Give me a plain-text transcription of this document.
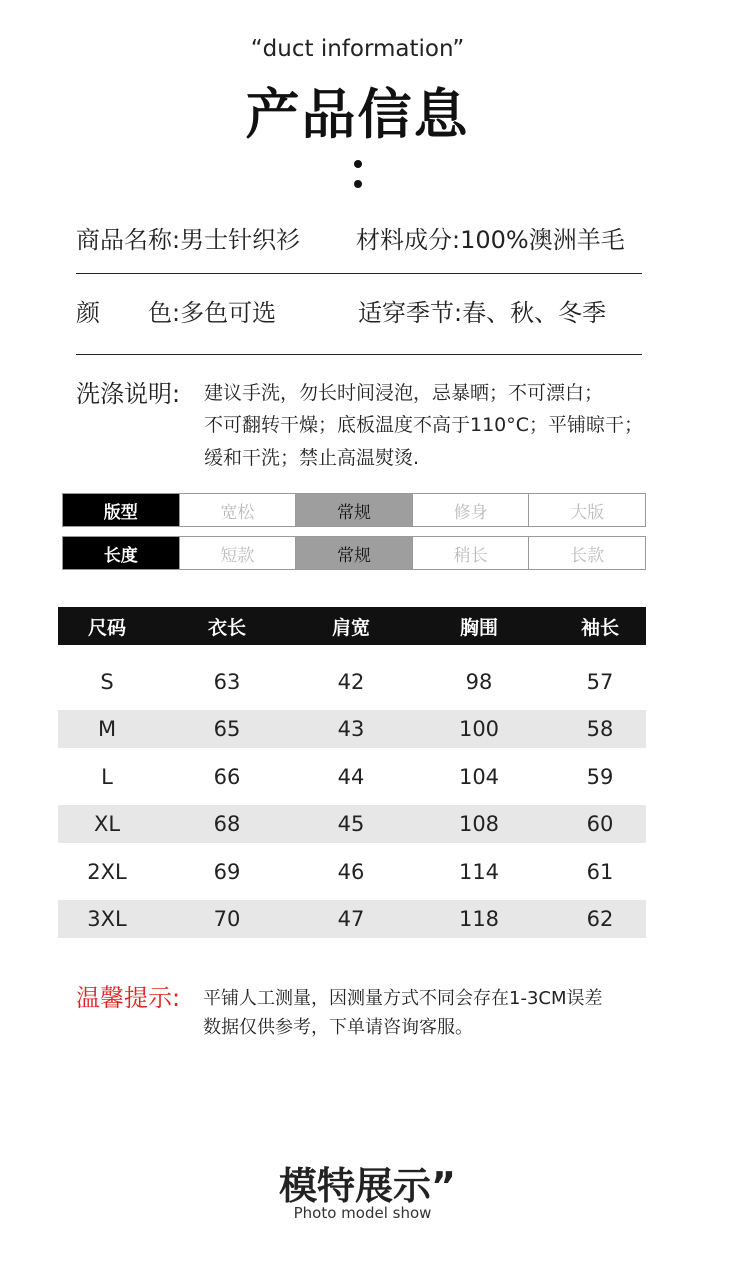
“duct information”
产品信息
商品名称:男士针织衫 材料成分:100%澳洲羊毛
颜　　色:多色可选	适穿季节:春、秋、冬季
洗涤说明: 建议手洗，勿长时间浸泡，忌暴晒；不可漂白；
不可翻转干燥；底板温度不高于110°C；平铺晾干；
缓和干洗；禁止高温熨烫.
版型	宽松	常规	修身	大版
长度	短款	常规	稍长	长款
尺码	衣长	肩宽	胸围	袖长
S	63	42	98	57
M	65	43	100	58
L	66	44	104	59
XL	68	45	108	60
2XL	69	46	114	61
3XL	70	47	118	62
温馨提示: 平铺人工测量，因测量方式不同会存在1-3CM误差
数据仅供参考，下单请咨询客服。
模特展示”
Photo model show
